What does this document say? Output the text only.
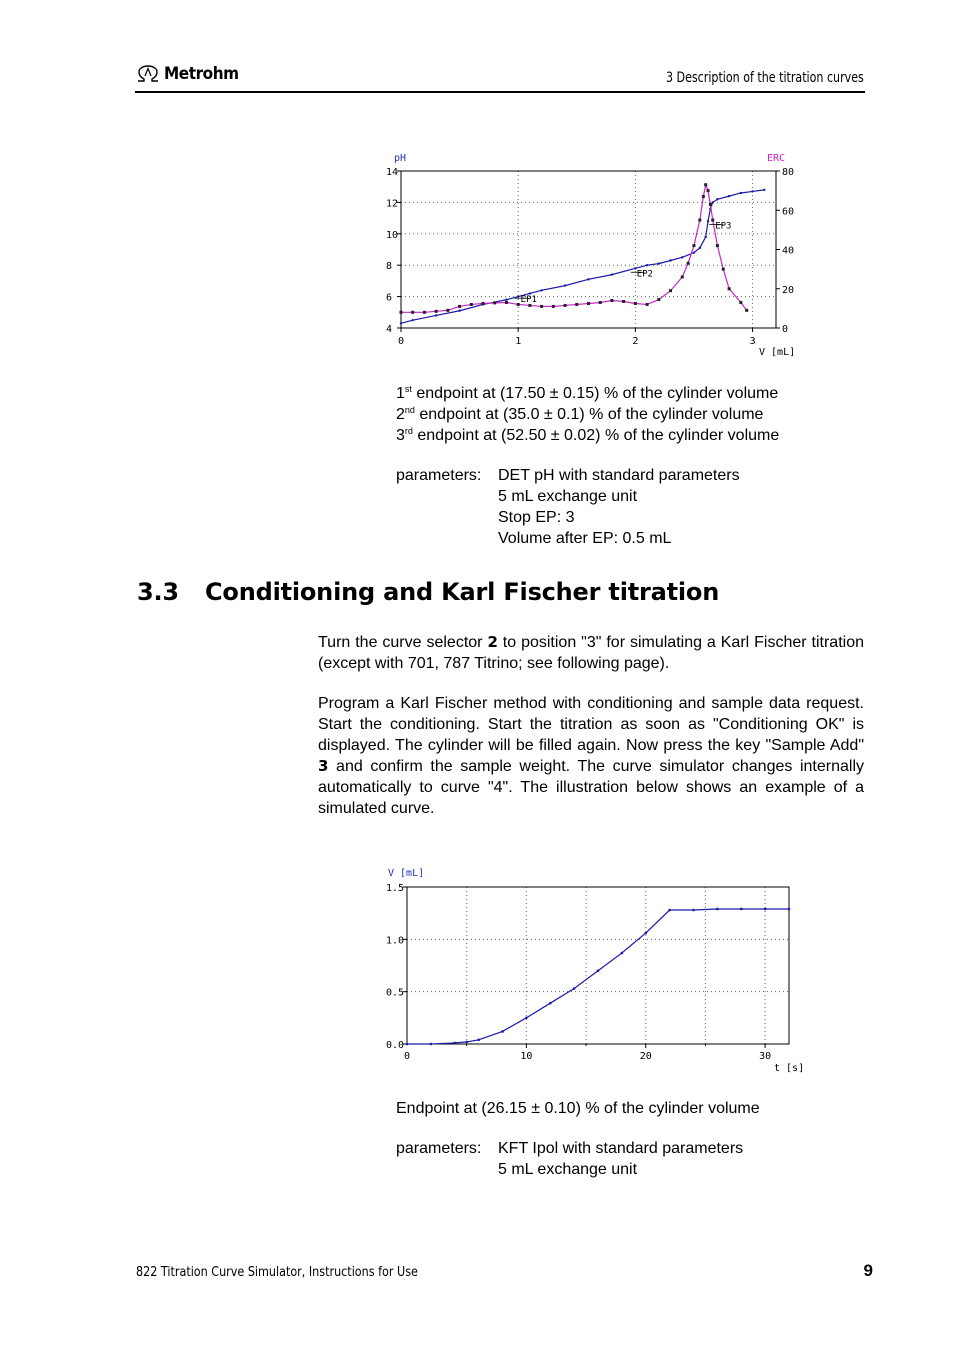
Metrohm	3 Description of the titration curves
0	1	2	3
4
6
8
10
12
14
0
20
40
60
80
pH	ERC
V [mL]
EP1
EP2
EP3
1st endpoint at (17.50 ± 0.15) % of the cylinder volume
2nd endpoint at (35.0 ± 0.1) % of the cylinder volume
3rd endpoint at (52.50 ± 0.02) % of the cylinder volume
parameters:	DET pH with standard parameters
5 mL exchange unit
Stop EP: 3
Volume after EP: 0.5 mL
3.3 Conditioning and Karl Fischer titration
Turn the curve selector 2 to position "3" for simulating a Karl Fischer titration (except with 701, 787 Titrino; see following page).
Program a Karl Fischer method with conditioning and sample data request. Start the conditioning. Start the titration as soon as "Conditioning OK" is displayed. The cylinder will be filled again. Now press the key "Sample Add" 3 and confirm the sample weight. The curve simulator changes internally automatically to curve "4". The illustration below shows an example of a simulated curve.
0	10	20	30
0.0
0.5
1.0
1.5
V [mL]
t [s]
Endpoint at (26.15 ± 0.10) % of the cylinder volume
parameters:	KFT Ipol with standard parameters
5 mL exchange unit
822 Titration Curve Simulator, Instructions for Use	9
